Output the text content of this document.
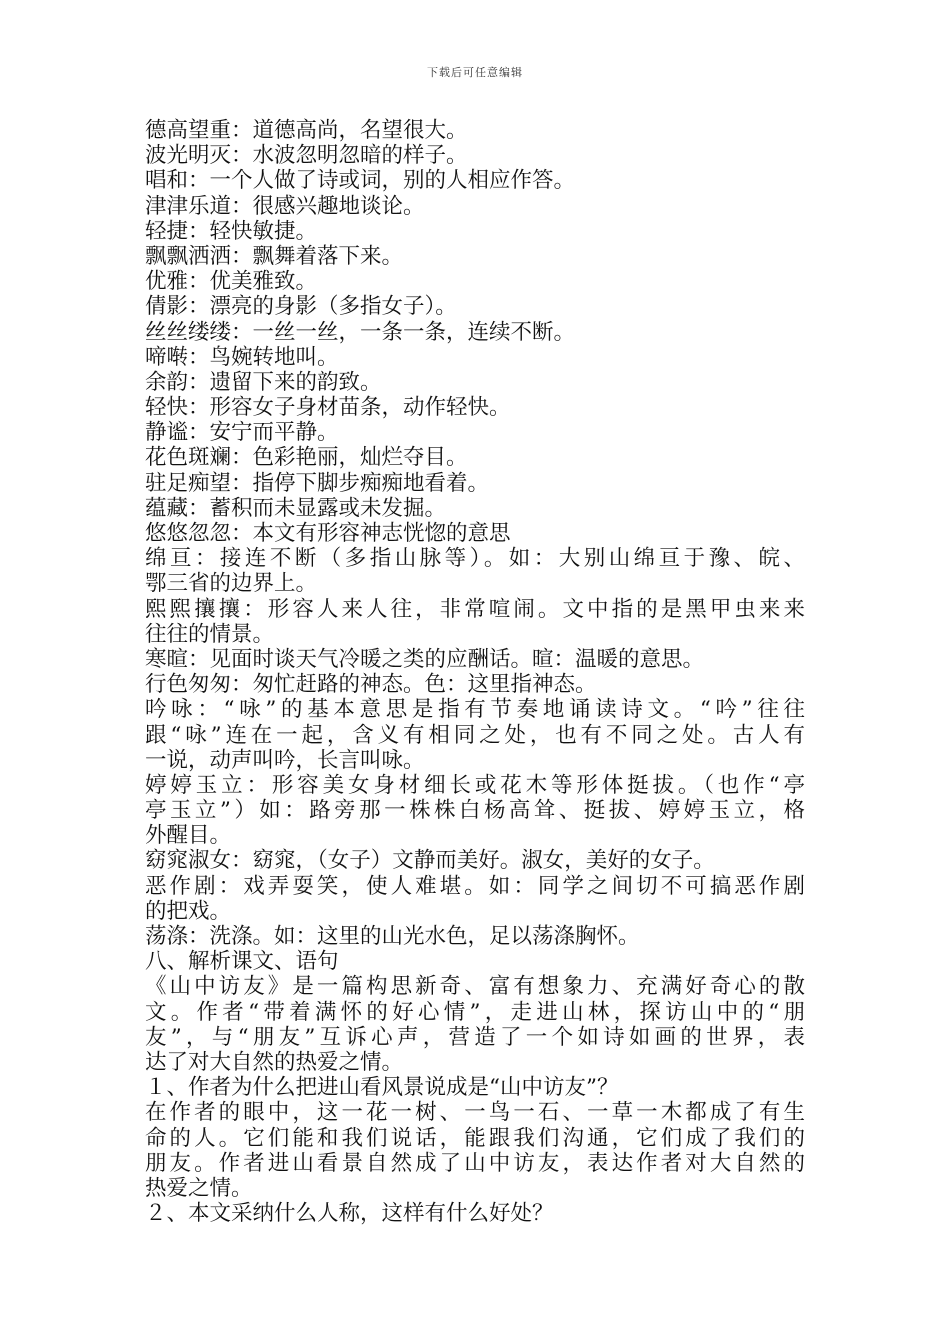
下载后可任意编辑
德高望重：道德高尚，名望很大。
波光明灭：水波忽明忽暗的样子。
唱和：一个人做了诗或词，别的人相应作答。
津津乐道：很感兴趣地谈论。
轻捷：轻快敏捷。
飘飘洒洒：飘舞着落下来。
优雅：优美雅致。
倩影：漂亮的身影（多指女子）。
丝丝缕缕：一丝一丝，一条一条，连续不断。
啼啭：鸟婉转地叫。
余韵：遗留下来的韵致。
轻快：形容女子身材苗条，动作轻快。
静谧：安宁而平静。
花色斑斓：色彩艳丽，灿烂夺目。
驻足痴望：指停下脚步痴痴地看着。
蕴藏：蓄积而未显露或未发掘。
悠悠忽忽：本文有形容神志恍惚的意思
绵亘：接连不断（多指山脉等）。如：大别山绵亘于豫、皖、
鄂三省的边界上。
熙熙攘攘：形容人来人往，非常喧闹。文中指的是黑甲虫来来
往往的情景。
寒暄：见面时谈天气冷暖之类的应酬话。暄：温暖的意思。
行色匆匆：匆忙赶路的神态。色：这里指神态。
吟咏：“咏”的基本意思是指有节奏地诵读诗文。“吟”往往
跟“咏”连在一起，含义有相同之处，也有不同之处。古人有
一说，动声叫吟，长言叫咏。
婷婷玉立：形容美女身材细长或花木等形体挺拔。（也作“亭
亭玉立”）如：路旁那一株株白杨高耸、挺拔、婷婷玉立，格
外醒目。
窈窕淑女：窈窕，（女子）文静而美好。淑女，美好的女子。
恶作剧：戏弄耍笑，使人难堪。如：同学之间切不可搞恶作剧
的把戏。
荡涤：洗涤。如：这里的山光水色，足以荡涤胸怀。
八、解析课文、语句
《山中访友》是一篇构思新奇、富有想象力、充满好奇心的散
文。作者“带着满怀的好心情”，走进山林，探访山中的“朋
友”，与“朋友”互诉心声，营造了一个如诗如画的世界，表
达了对大自然的热爱之情。
１、作者为什么把进山看风景说成是“山中访友”？
在作者的眼中，这一花一树、一鸟一石、一草一木都成了有生
命的人。它们能和我们说话，能跟我们沟通，它们成了我们的
朋友。作者进山看景自然成了山中访友，表达作者对大自然的
热爱之情。
２、本文采纳什么人称，这样有什么好处？
